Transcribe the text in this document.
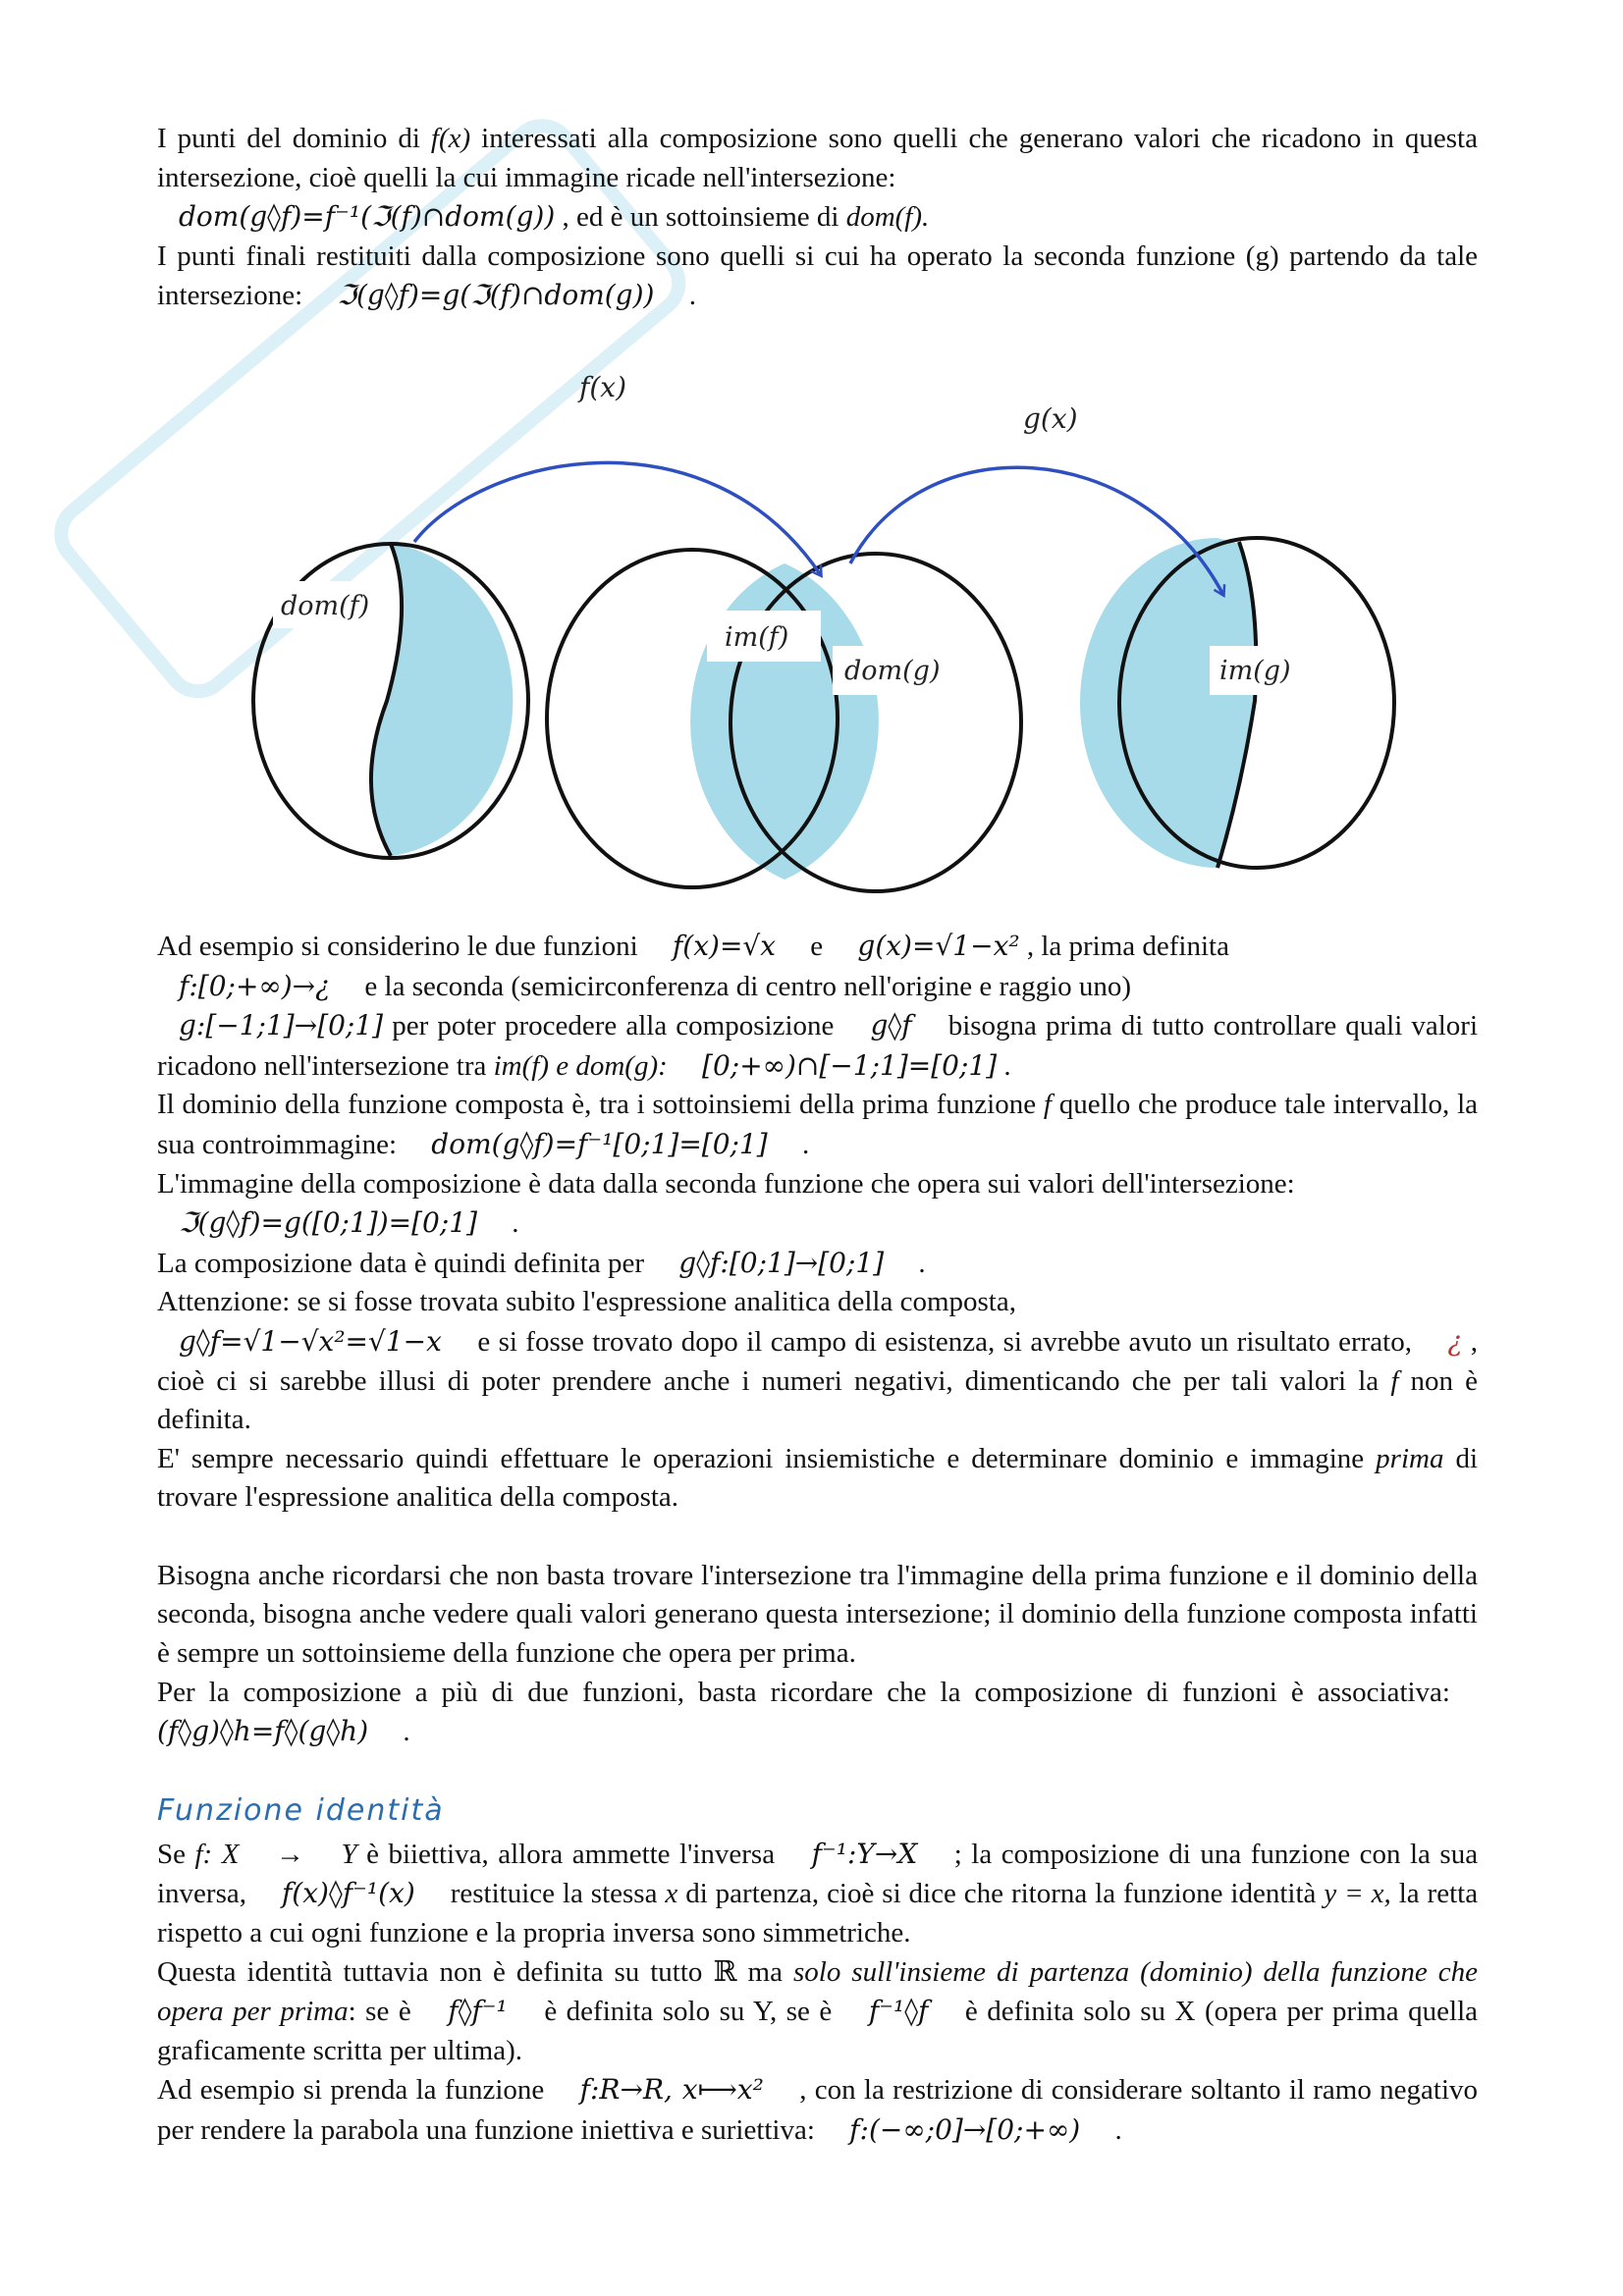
I punti del dominio di f(x) interessati alla composizione sono quelli che generano valori che ricadono in questa intersezione, cioè quelli la cui immagine ricade nell'intersezione:
dom(g◊f)=f⁻¹(ℑ(f)∩dom(g)) , ed è un sottoinsieme di dom(f).

I punti finali restituiti dalla composizione sono quelli si cui ha operato la seconda funzione (g) partendo da tale intersezione: ℑ(g◊f)=g(ℑ(f)∩dom(g)) .

f(x)
g(x)
dom(f)
im(f)
dom(g)	im(g)

Ad esempio si considerino le due funzioni f(x)=√x e g(x)=√1−x² , la prima definita
f:[0;+∞)→¿ e la seconda (semicirconferenza di centro nell'origine e raggio uno)
g:[−1;1]→[0;1] per poter procedere alla composizione g◊f bisogna prima di tutto controllare quali valori ricadono nell'intersezione tra im(f) e dom(g): [0;+∞)∩[−1;1]=[0;1] .

Il dominio della funzione composta è, tra i sottoinsiemi della prima funzione f quello che produce tale intervallo, la sua controimmagine: dom(g◊f)=f⁻¹[0;1]=[0;1] .

L'immagine della composizione è data dalla seconda funzione che opera sui valori dell'intersezione:
ℑ(g◊f)=g([0;1])=[0;1] .

La composizione data è quindi definita per g◊f:[0;1]→[0;1] .

Attenzione: se si fosse trovata subito l'espressione analitica della composta,
g◊f=√1−√x²=√1−x e si fosse trovato dopo il campo di esistenza, si avrebbe avuto un risultato errato, ¿ , cioè ci si sarebbe illusi di poter prendere anche i numeri negativi, dimenticando che per tali valori la f non è definita.

E' sempre necessario quindi effettuare le operazioni insiemistiche e determinare dominio e immagine prima di trovare l'espressione analitica della composta.

Bisogna anche ricordarsi che non basta trovare l'intersezione tra l'immagine della prima funzione e il dominio della seconda, bisogna anche vedere quali valori generano questa intersezione; il dominio della funzione composta infatti è sempre un sottoinsieme della funzione che opera per prima.

Per la composizione a più di due funzioni, basta ricordare che la composizione di funzioni è associativa: (f◊g)◊h=f◊(g◊h) .

Funzione identità

Se f: X → Y è biiettiva, allora ammette l'inversa f⁻¹:Y→X ; la composizione di una funzione con la sua inversa, f(x)◊f⁻¹(x) restituice la stessa x di partenza, cioè si dice che ritorna la funzione identità y = x, la retta rispetto a cui ogni funzione e la propria inversa sono simmetriche.

Questa identità tuttavia non è definita su tutto ℝ ma solo sull'insieme di partenza (dominio) della funzione che opera per prima: se è f◊f⁻¹ è definita solo su Y, se è f⁻¹◊f è definita solo su X (opera per prima quella graficamente scritta per ultima).

Ad esempio si prenda la funzione f:R→R, x⟼x² , con la restrizione di considerare soltanto il ramo negativo per rendere la parabola una funzione iniettiva e suriettiva: f:(−∞;0]→[0;+∞) .
